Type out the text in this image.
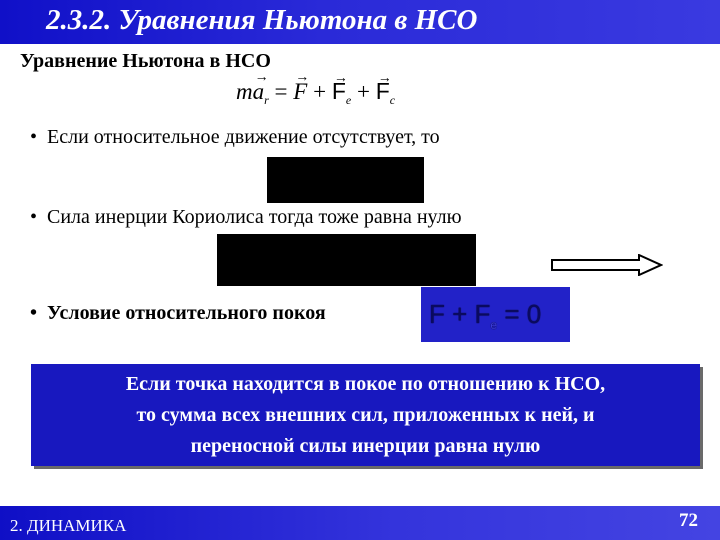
2.3.2. Уравнения Ньютона в НСО
Уравнение Ньютона в НСО
$m\to a_r$ = → F + → $F_e$ + → $F_c$
• Если относительное движение отсутствует, то
• Сила инерции Кориолиса тогда тоже равна нулю
• Условие относительного покоя	$F + F_e = 0$
Если точка находится в покое по отношению к НСО,
то сумма всех внешних сил, приложенных к ней, и
переносной силы инерции равна нулю
2. ДИНАМИКА	72
